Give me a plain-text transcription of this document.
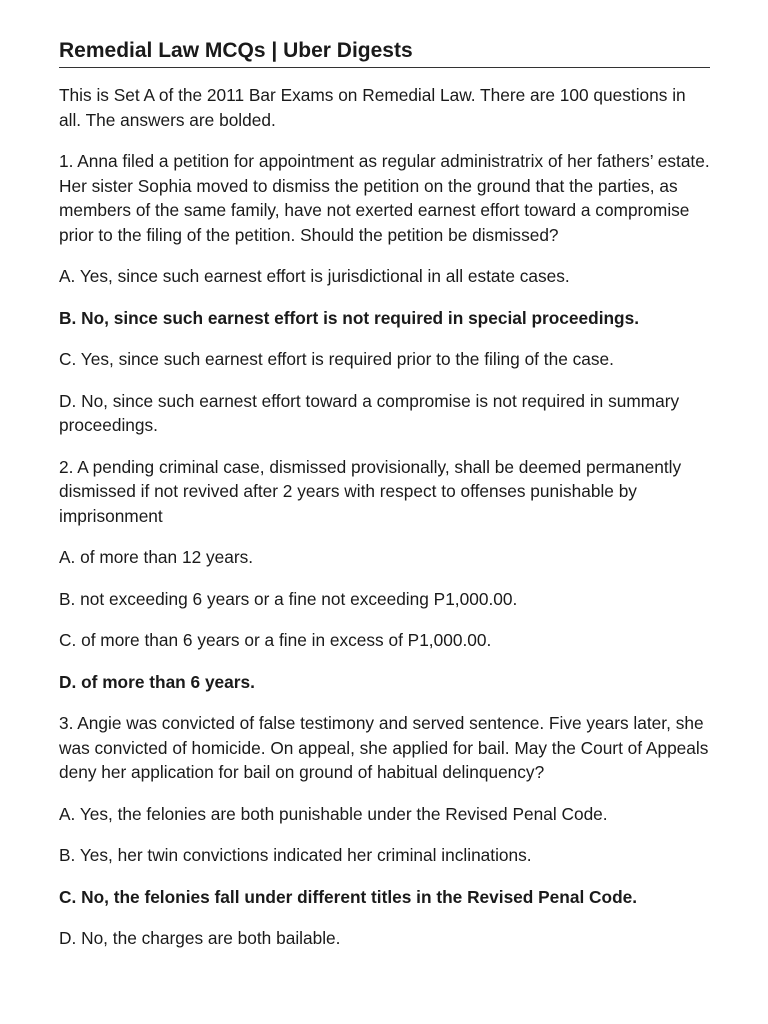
Remedial Law MCQs | Uber Digests

This is Set A of the 2011 Bar Exams on Remedial Law. There are 100 questions in all. The answers are bolded.

1. Anna filed a petition for appointment as regular administratrix of her fathers’ estate. Her sister Sophia moved to dismiss the petition on the ground that the parties, as members of the same family, have not exerted earnest effort toward a compromise prior to the filing of the petition. Should the petition be dismissed?

A. Yes, since such earnest effort is jurisdictional in all estate cases.

B. No, since such earnest effort is not required in special proceedings.

C. Yes, since such earnest effort is required prior to the filing of the case.

D. No, since such earnest effort toward a compromise is not required in summary proceedings.

2. A pending criminal case, dismissed provisionally, shall be deemed permanently dismissed if not revived after 2 years with respect to offenses punishable by imprisonment

A. of more than 12 years.

B. not exceeding 6 years or a fine not exceeding P1,000.00.

C. of more than 6 years or a fine in excess of P1,000.00.

D. of more than 6 years.

3. Angie was convicted of false testimony and served sentence. Five years later, she was convicted of homicide. On appeal, she applied for bail. May the Court of Appeals deny her application for bail on ground of habitual delinquency?

A. Yes, the felonies are both punishable under the Revised Penal Code.

B. Yes, her twin convictions indicated her criminal inclinations.

C. No, the felonies fall under different titles in the Revised Penal Code.

D. No, the charges are both bailable.
